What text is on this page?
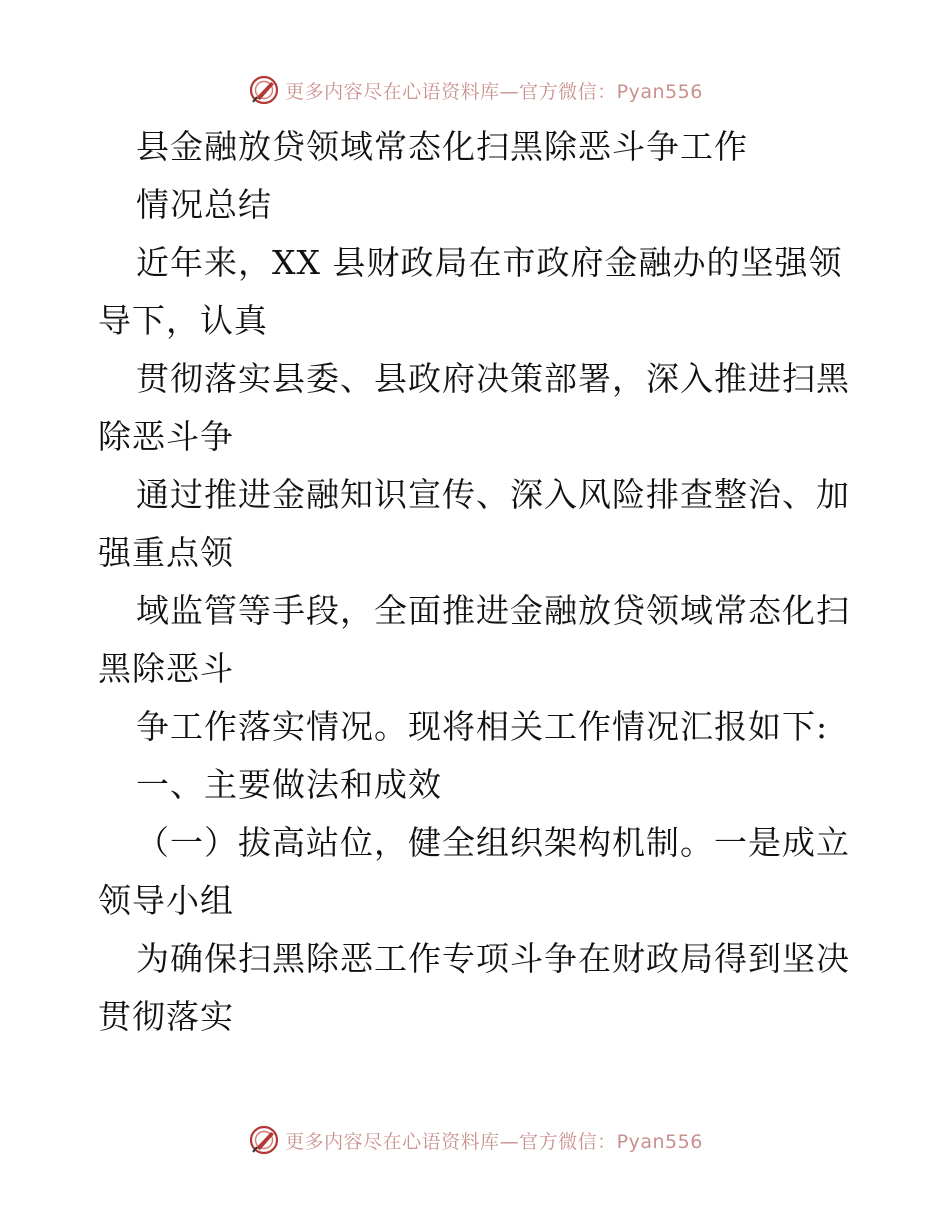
更多内容尽在心语资料库—官方微信：Pyan556
县金融放贷领域常态化扫黑除恶斗争工作
情况总结
近年来，XX 县财政局在市政府金融办的坚强领
导下，认真
贯彻落实县委、县政府决策部署，深入推进扫黑
除恶斗争
通过推进金融知识宣传、深入风险排查整治、加
强重点领
域监管等手段，全面推进金融放贷领域常态化扫
黑除恶斗
争工作落实情况。现将相关工作情况汇报如下:
一、主要做法和成效
（一）拔高站位，健全组织架构机制。一是成立
领导小组
为确保扫黑除恶工作专项斗争在财政局得到坚决
贯彻落实
更多内容尽在心语资料库—官方微信：Pyan556
